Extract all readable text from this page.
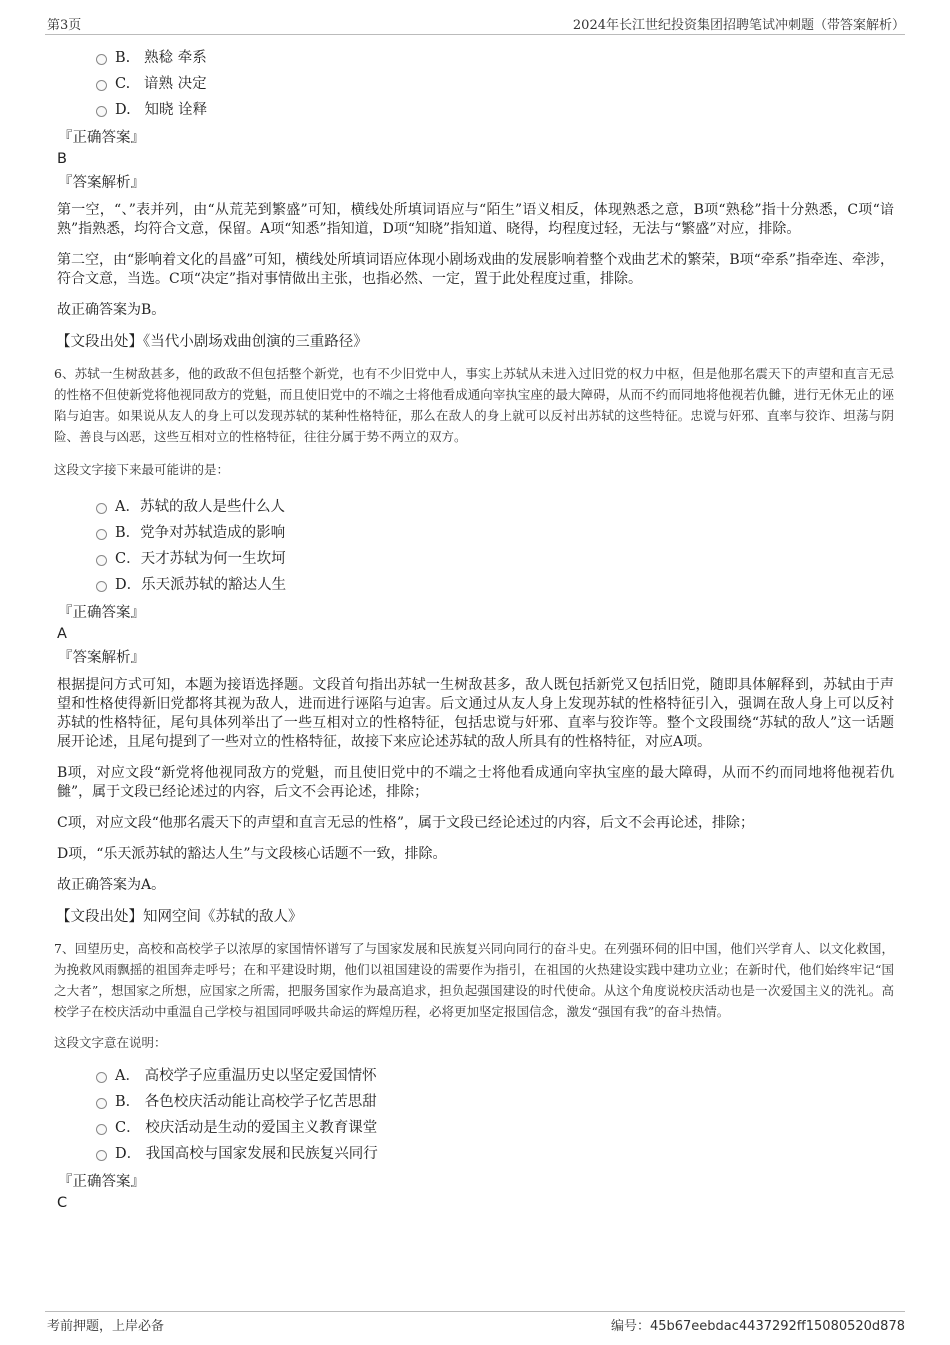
第3页	2024年长江世纪投资集团招聘笔试冲刺题（带答案解析）
B. 熟稔 牵系
C. 谙熟 决定
D. 知晓 诠释
『正确答案』
B
『答案解析』

第一空，“、”表并列，由“从荒芜到繁盛”可知，横线处所填词语应与“陌生”语义相反，体现熟悉之意，B项“熟稔”指十分熟悉，C项“谙熟”指熟悉，均符合文意，保留。A项“知悉”指知道，D项“知晓”指知道、晓得，均程度过轻，无法与“繁盛”对应，排除。

第二空，由“影响着文化的昌盛”可知，横线处所填词语应体现小剧场戏曲的发展影响着整个戏曲艺术的繁荣，B项“牵系”指牵连、牵涉，符合文意，当选。C项“决定”指对事情做出主张，也指必然、一定，置于此处程度过重，排除。

故正确答案为B。

【文段出处】《当代小剧场戏曲创演的三重路径》

6、苏轼一生树敌甚多，他的政敌不但包括整个新党，也有不少旧党中人，事实上苏轼从未进入过旧党的权力中枢，但是他那名震天下的声望和直言无忌的性格不但使新党将他视同敌方的党魁，而且使旧党中的不端之士将他看成通向宰执宝座的最大障碍，从而不约而同地将他视若仇雠，进行无休无止的诬陷与迫害。如果说从友人的身上可以发现苏轼的某种性格特征，那么在敌人的身上就可以反衬出苏轼的这些特征。忠谠与奸邪、直率与狡诈、坦荡与阴险、善良与凶恶，这些互相对立的性格特征，往往分属于势不两立的双方。

这段文字接下来最可能讲的是：

A．苏轼的敌人是些什么人
B．党争对苏轼造成的影响
C．天才苏轼为何一生坎坷
D．乐天派苏轼的豁达人生
『正确答案』
A
『答案解析』

根据提问方式可知，本题为接语选择题。文段首句指出苏轼一生树敌甚多，敌人既包括新党又包括旧党，随即具体解释到，苏轼由于声望和性格使得新旧党都将其视为敌人，进而进行诬陷与迫害。后文通过从友人身上发现苏轼的性格特征引入，强调在敌人身上可以反衬苏轼的性格特征，尾句具体列举出了一些互相对立的性格特征，包括忠谠与奸邪、直率与狡诈等。整个文段围绕“苏轼的敌人”这一话题展开论述，且尾句提到了一些对立的性格特征，故接下来应论述苏轼的敌人所具有的性格特征，对应A项。

B项，对应文段“新党将他视同敌方的党魁，而且使旧党中的不端之士将他看成通向宰执宝座的最大障碍，从而不约而同地将他视若仇雠”，属于文段已经论述过的内容，后文不会再论述，排除；

C项，对应文段“他那名震天下的声望和直言无忌的性格”，属于文段已经论述过的内容，后文不会再论述，排除；

D项，“乐天派苏轼的豁达人生”与文段核心话题不一致，排除。

故正确答案为A。

【文段出处】知网空间《苏轼的敌人》

7、回望历史，高校和高校学子以浓厚的家国情怀谱写了与国家发展和民族复兴同向同行的奋斗史。在列强环伺的旧中国，他们兴学育人、以文化救国，为挽救风雨飘摇的祖国奔走呼号；在和平建设时期，他们以祖国建设的需要作为指引，在祖国的火热建设实践中建功立业；在新时代，他们始终牢记“国之大者”，想国家之所想，应国家之所需，把服务国家作为最高追求，担负起强国建设的时代使命。从这个角度说校庆活动也是一次爱国主义的洗礼。高校学子在校庆活动中重温自己学校与祖国同呼吸共命运的辉煌历程，必将更加坚定报国信念，激发“强国有我”的奋斗热情。

这段文字意在说明：

A． 高校学子应重温历史以坚定爱国情怀
B． 各色校庆活动能让高校学子忆苦思甜
C． 校庆活动是生动的爱国主义教育课堂
D． 我国高校与国家发展和民族复兴同行
『正确答案』
C
考前押题，上岸必备	编号：45b67eebdac4437292ff15080520d878
